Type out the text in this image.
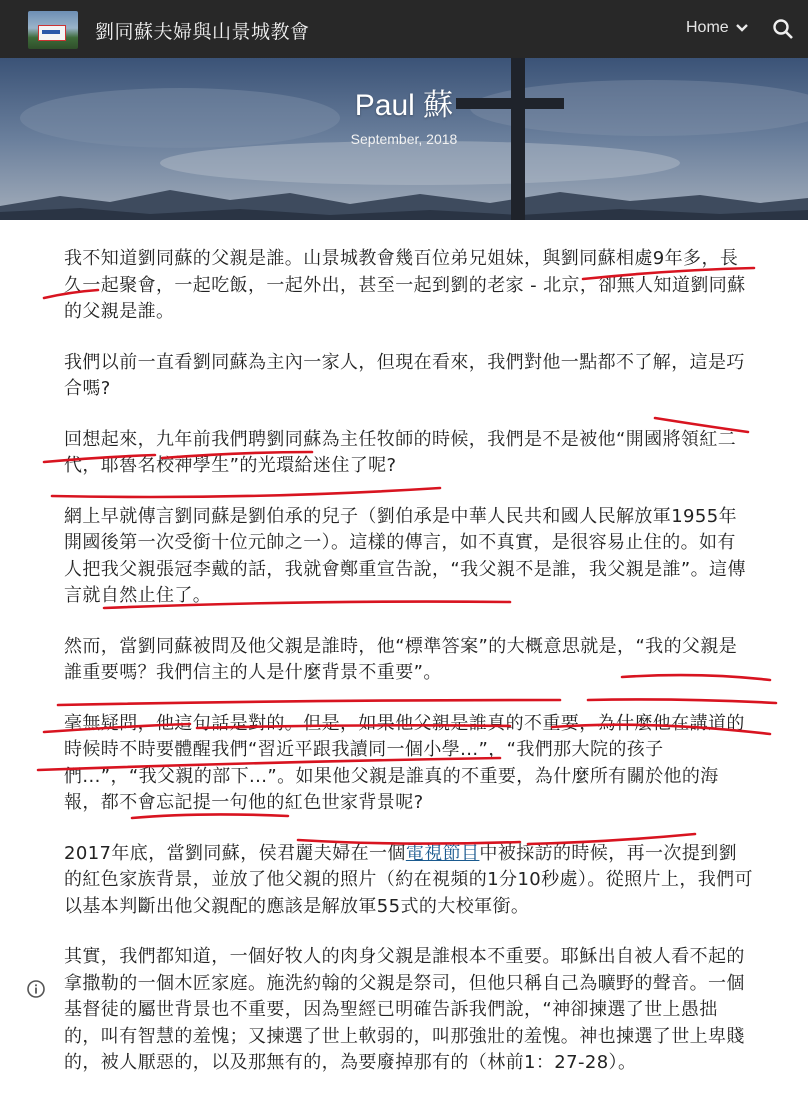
劉同蘇夫婦與山景城教會	Home
Paul 蘇
September, 2018

我不知道劉同蘇的父親是誰。山景城教會幾百位弟兄姐妹，與劉同蘇相處9年多，長久一起聚會，一起吃飯，一起外出，甚至一起到劉的老家 - 北京，卻無人知道劉同蘇的父親是誰。

我們以前一直看劉同蘇為主內一家人，但現在看來，我們對他一點都不了解，這是巧合嗎?

回想起來，九年前我們聘劉同蘇為主任牧師的時候，我們是不是被他“開國將領紅二代，耶魯名校神學生”的光環給迷住了呢?

網上早就傳言劉同蘇是劉伯承的兒子（劉伯承是中華人民共和國人民解放軍1955年開國後第一次受銜十位元帥之一）。這樣的傳言，如不真實，是很容易止住的。如有人把我父親張冠李戴的話，我就會鄭重宣告說，“我父親不是誰，我父親是誰”。這傳言就自然止住了。

然而，當劉同蘇被問及他父親是誰時，他“標準答案”的大概意思就是，“我的父親是誰重要嗎？我們信主的人是什麼背景不重要”。

毫無疑問，他這句話是對的。但是，如果他父親是誰真的不重要，為什麼他在講道的時候時不時要體醒我們“習近平跟我讀同一個小學...”，“我們那大院的孩子們...”，“我父親的部下...”。如果他父親是誰真的不重要，為什麼所有關於他的海報，都不會忘記提一句他的紅色世家背景呢?

2017年底，當劉同蘇，侯君麗夫婦在一個電視節目中被採訪的時候，再一次提到劉的紅色家族背景，並放了他父親的照片（約在視頻的1分10秒處）。從照片上，我們可以基本判斷出他父親配的應該是解放軍55式的大校軍銜。

其實，我們都知道，一個好牧人的肉身父親是誰根本不重要。耶穌出自被人看不起的拿撒勒的一個木匠家庭。施洗約翰的父親是祭司，但他只稱自己為曠野的聲音。一個基督徒的屬世背景也不重要，因為聖經已明確告訴我們說，“神卻揀選了世上愚拙的，叫有智慧的羞愧；又揀選了世上軟弱的，叫那強壯的羞愧。神也揀選了世上卑賤的，被人厭惡的，以及那無有的，為要廢掉那有的（林前1：27-28）。
